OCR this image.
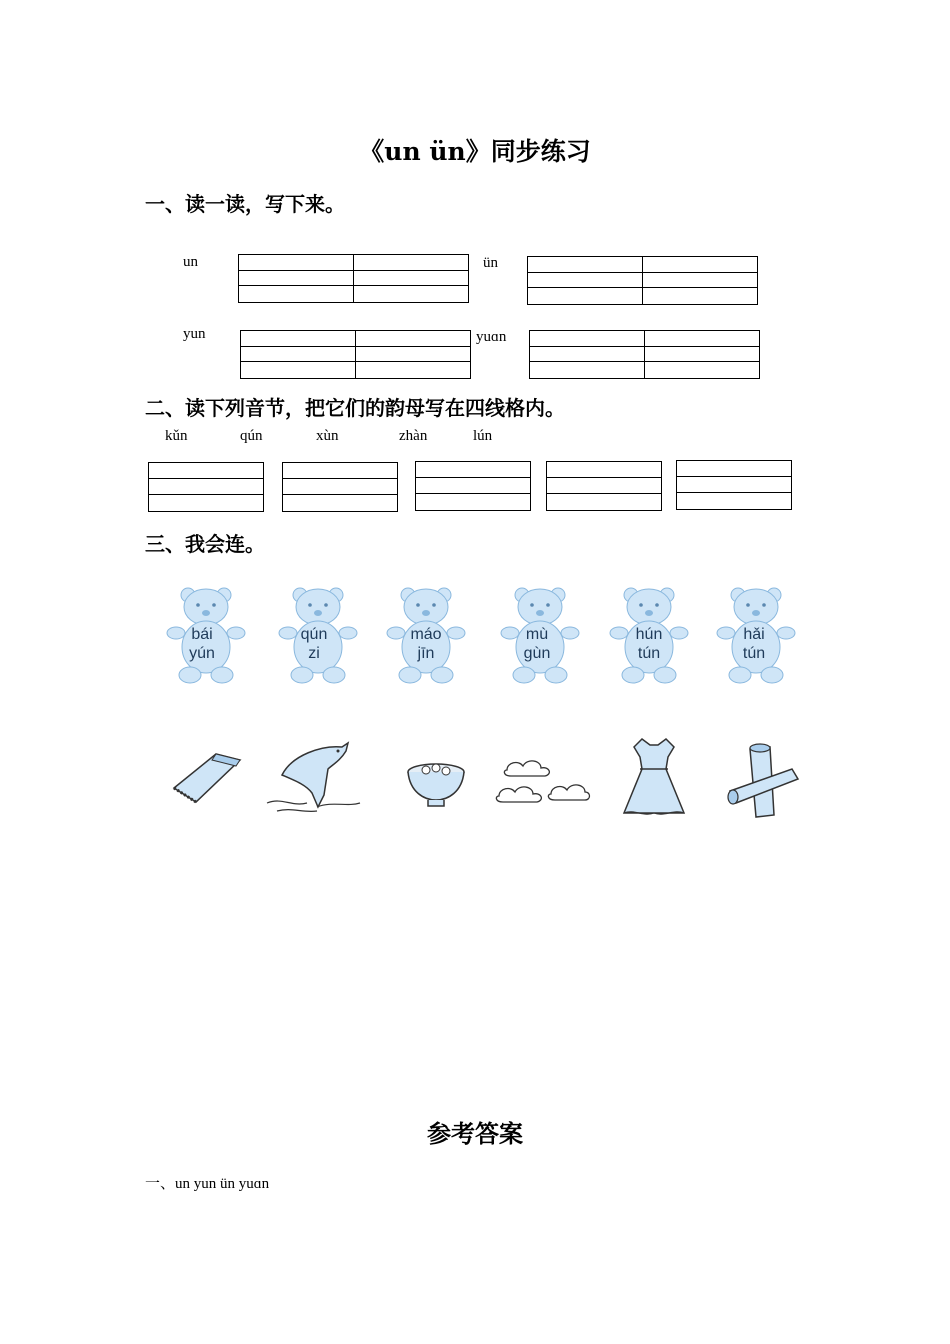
《un ün》同步练习
一、读一读，写下来。
un	ün
yun	yuɑn
二、读下列音节，把它们的韵母写在四线格内。
kǔn	qún	xùn	zhàn	lún
三、我会连。
bái
yún
qún
zi
máo
jīn
mù
gùn
hún
tún
hǎi
tún
参考答案
一、un yun ün yuɑn
